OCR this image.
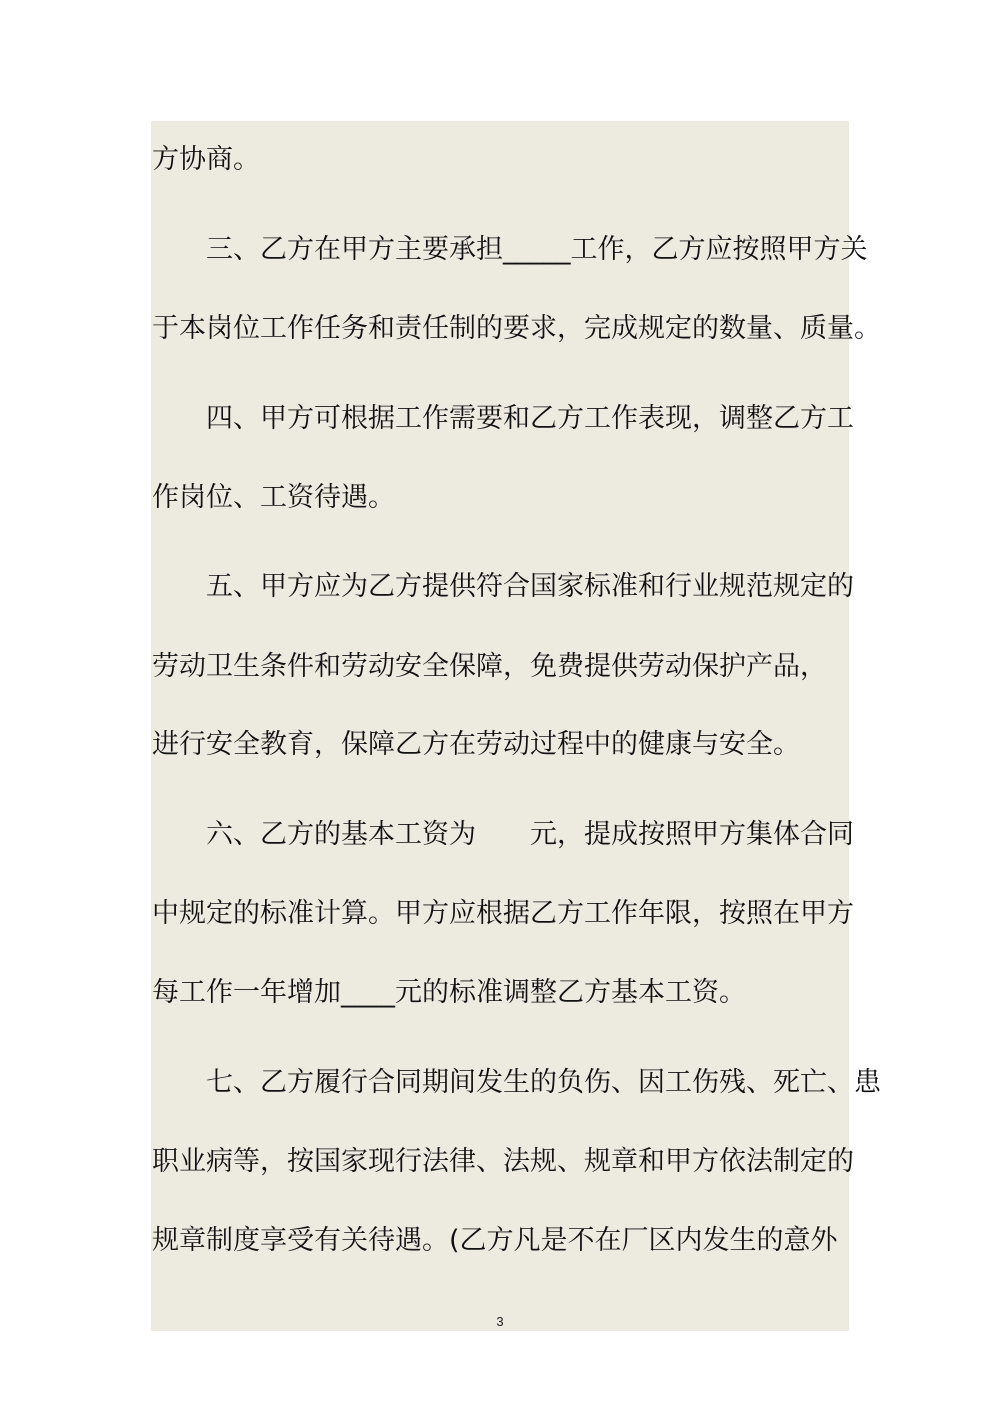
方协商。
三、乙方在甲方主要承担_____工作，乙方应按照甲方关
于本岗位工作任务和责任制的要求，完成规定的数量、质量。
四、甲方可根据工作需要和乙方工作表现，调整乙方工
作岗位、工资待遇。
五、甲方应为乙方提供符合国家标准和行业规范规定的
劳动卫生条件和劳动安全保障，免费提供劳动保护产品，
进行安全教育，保障乙方在劳动过程中的健康与安全。
六、乙方的基本工资为　　元，提成按照甲方集体合同
中规定的标准计算。甲方应根据乙方工作年限，按照在甲方
每工作一年增加____元的标准调整乙方基本工资。
七、乙方履行合同期间发生的负伤、因工伤残、死亡、患
职业病等，按国家现行法律、法规、规章和甲方依法制定的
规章制度享受有关待遇。(乙方凡是不在厂区内发生的意外
3
